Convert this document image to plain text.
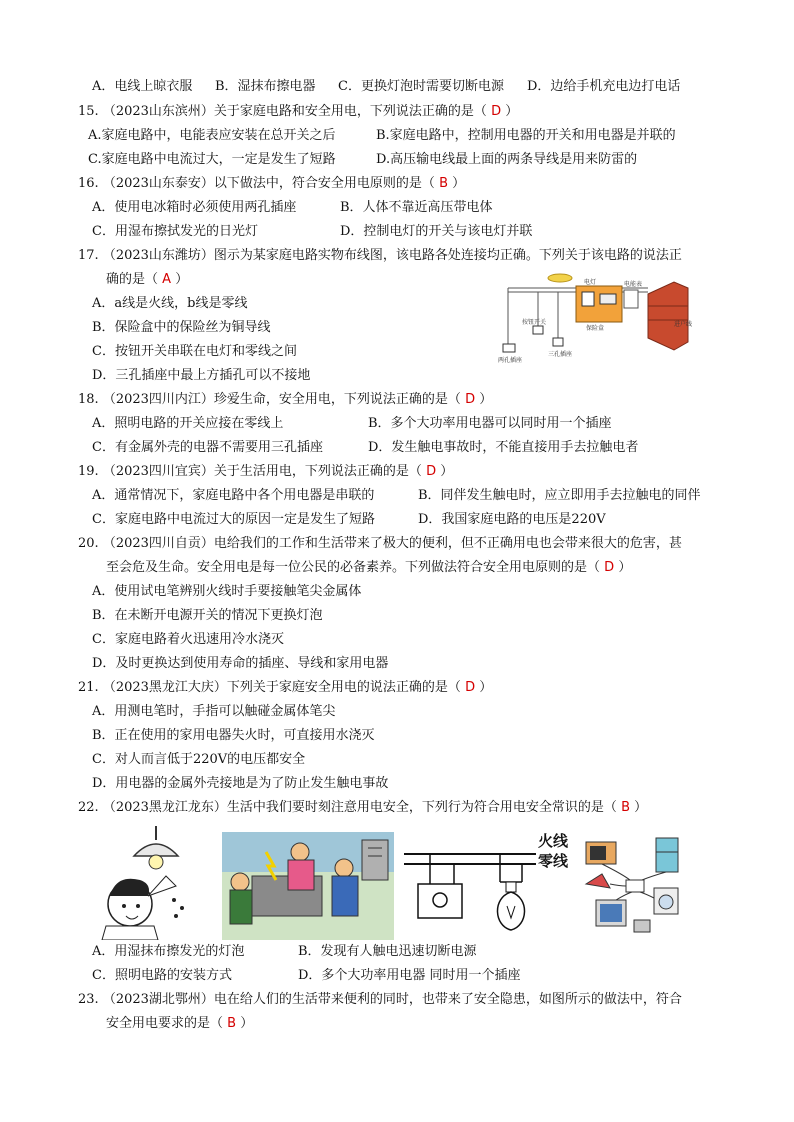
A．电线上晾衣服 B．湿抹布擦电器 C．更换灯泡时需要切断电源 D．边给手机充电边打电话
15. （2023山东滨州）关于家庭电路和安全用电，下列说法正确的是（ D ）
A.家庭电路中，电能表应安装在总开关之后	B.家庭电路中，控制用电器的开关和用电器是并联的
C.家庭电路中电流过大，一定是发生了短路	D.高压输电线最上面的两条导线是用来防雷的
16. （2023山东泰安）以下做法中，符合安全用电原则的是（ B ）
A．使用电冰箱时必须使用两孔插座	B．人体不靠近高压带电体
C．用湿布擦拭发光的日光灯	D．控制电灯的开关与该电灯并联
17. （2023山东潍坊）图示为某家庭电路实物布线图，该电路各处连接均正确。下列关于该电路的说法正
确的是（ A ）
A．a线是火线，b线是零线
B．保险盒中的保险丝为铜导线
C．按钮开关串联在电灯和零线之间
D．三孔插座中最上方插孔可以不接地
电灯	电能表
保险盒
按钮开关
三孔插座
两孔插座
进户线
18. （2023四川内江）珍爱生命，安全用电，下列说法正确的是（ D ）
A．照明电路的开关应接在零线上	B．多个大功率用电器可以同时用一个插座
C．有金属外壳的电器不需要用三孔插座	D．发生触电事故时，不能直接用手去拉触电者
19. （2023四川宜宾）关于生活用电，下列说法正确的是（ D ）
A．通常情况下，家庭电路中各个用电器是串联的	B．同伴发生触电时，应立即用手去拉触电的同伴
C．家庭电路中电流过大的原因一定是发生了短路	D．我国家庭电路的电压是220V
20. （2023四川自贡）电给我们的工作和生活带来了极大的便利，但不正确用电也会带来很大的危害，甚
至会危及生命。安全用电是每一位公民的必备素养。下列做法符合安全用电原则的是（ D ）
A．使用试电笔辨别火线时手要接触笔尖金属体
B．在未断开电源开关的情况下更换灯泡
C．家庭电路着火迅速用冷水浇灭
D．及时更换达到使用寿命的插座、导线和家用电器
21. （2023黑龙江大庆）下列关于家庭安全用电的说法正确的是（ D ）
A．用测电笔时，手指可以触碰金属体笔尖
B．正在使用的家用电器失火时，可直接用水浇灭
C．对人而言低于220V的电压都安全
D．用电器的金属外壳接地是为了防止发生触电事故
22. （2023黑龙江龙东）生活中我们要时刻注意用电安全，下列行为符合用电安全常识的是（ B ）
火线
零线
A．用湿抹布擦发光的灯泡	B．发现有人触电迅速切断电源
C．照明电路的安装方式	D．多个大功率用电器 同时用一个插座
23. （2023湖北鄂州）电在给人们的生活带来便利的同时，也带来了安全隐患，如图所示的做法中，符合
安全用电要求的是（ B ）
